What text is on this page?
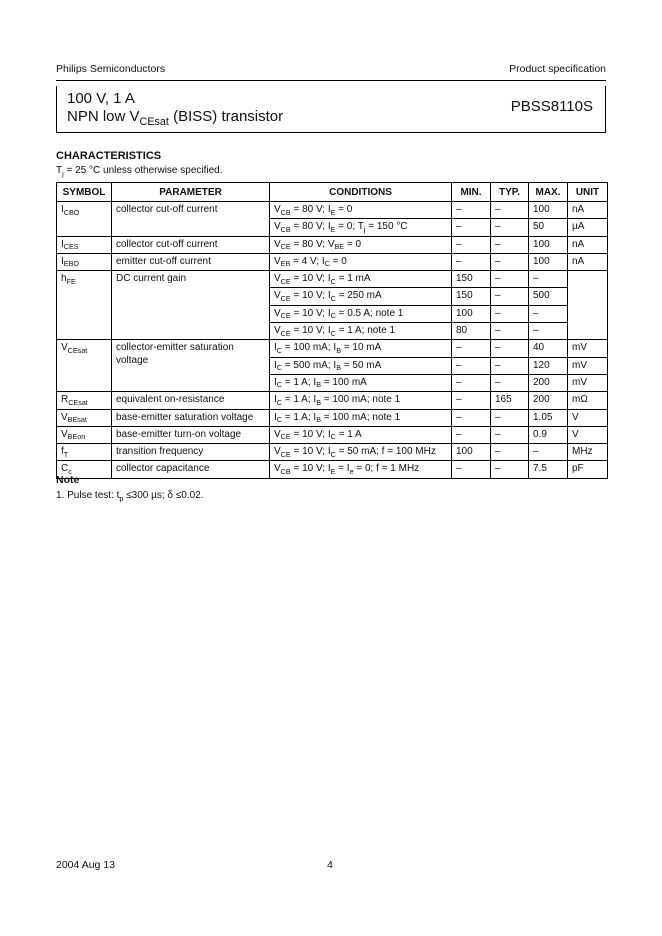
Philips Semiconductors	Product specification
100 V, 1 A
NPN low $V_{CEsat}$ (BISS) transistor
PBSS8110S
CHARACTERISTICS
$T_j = 25$ °C unless otherwise specified.
SYMBOL	PARAMETER	CONDITIONS	MIN.	TYP.	MAX.	UNIT
$I_{CBO}$	collector cut-off current	$V_{CB} = 80$ V; $I_E = 0$	–	–	100	nA
		$V_{CB} = 80$ V; $I_E = 0$; $T_j = 150$ °C	–	–	50	µA
$I_{CES}$	collector cut-off current	$V_{CE} = 80$ V; $V_{BE} = 0$	–	–	100	nA
$I_{EBO}$	emitter cut-off current	$V_{EB} = 4$ V; $I_C = 0$	–	–	100	nA
$h_{FE}$	DC current gain	$V_{CE} = 10$ V; $I_C = 1$ mA	150	–	–	
		$V_{CE} = 10$ V; $I_C = 250$ mA	150	–	500	
		$V_{CE} = 10$ V; $I_C = 0.5$ A; note 1	100	–	–	
		$V_{CE} = 10$ V; $I_C = 1$ A; note 1	80	–	–	
$V_{CEsat}$	collector-emitter saturation voltage	$I_C = 100$ mA; $I_B = 10$ mA	–	–	40	mV
		$I_C = 500$ mA; $I_B = 50$ mA	–	–	120	mV
		$I_C = 1$ A; $I_B = 100$ mA	–	–	200	mV
$R_{CEsat}$	equivalent on-resistance	$I_C = 1$ A; $I_B = 100$ mA; note 1	–	165	200	mΩ
$V_{BEsat}$	base-emitter saturation voltage	$I_C = 1$ A; $I_B = 100$ mA; note 1	–	–	1.05	V
$V_{BEon}$	base-emitter turn-on voltage	$V_{CE} = 10$ V; $I_C = 1$ A	–	–	0.9	V
$f_T$	transition frequency	$V_{CE} = 10$ V; $I_C = 50$ mA; f = 100 MHz	100	–	–	MHz
$C_c$	collector capacitance	$V_{CB} = 10$ V; $I_E = I_e = 0$; f = 1 MHz	–	–	7.5	pF
Note
1. Pulse test: $t_p \le 300$ µs; δ ≤0.02.
2004 Aug 13	4
